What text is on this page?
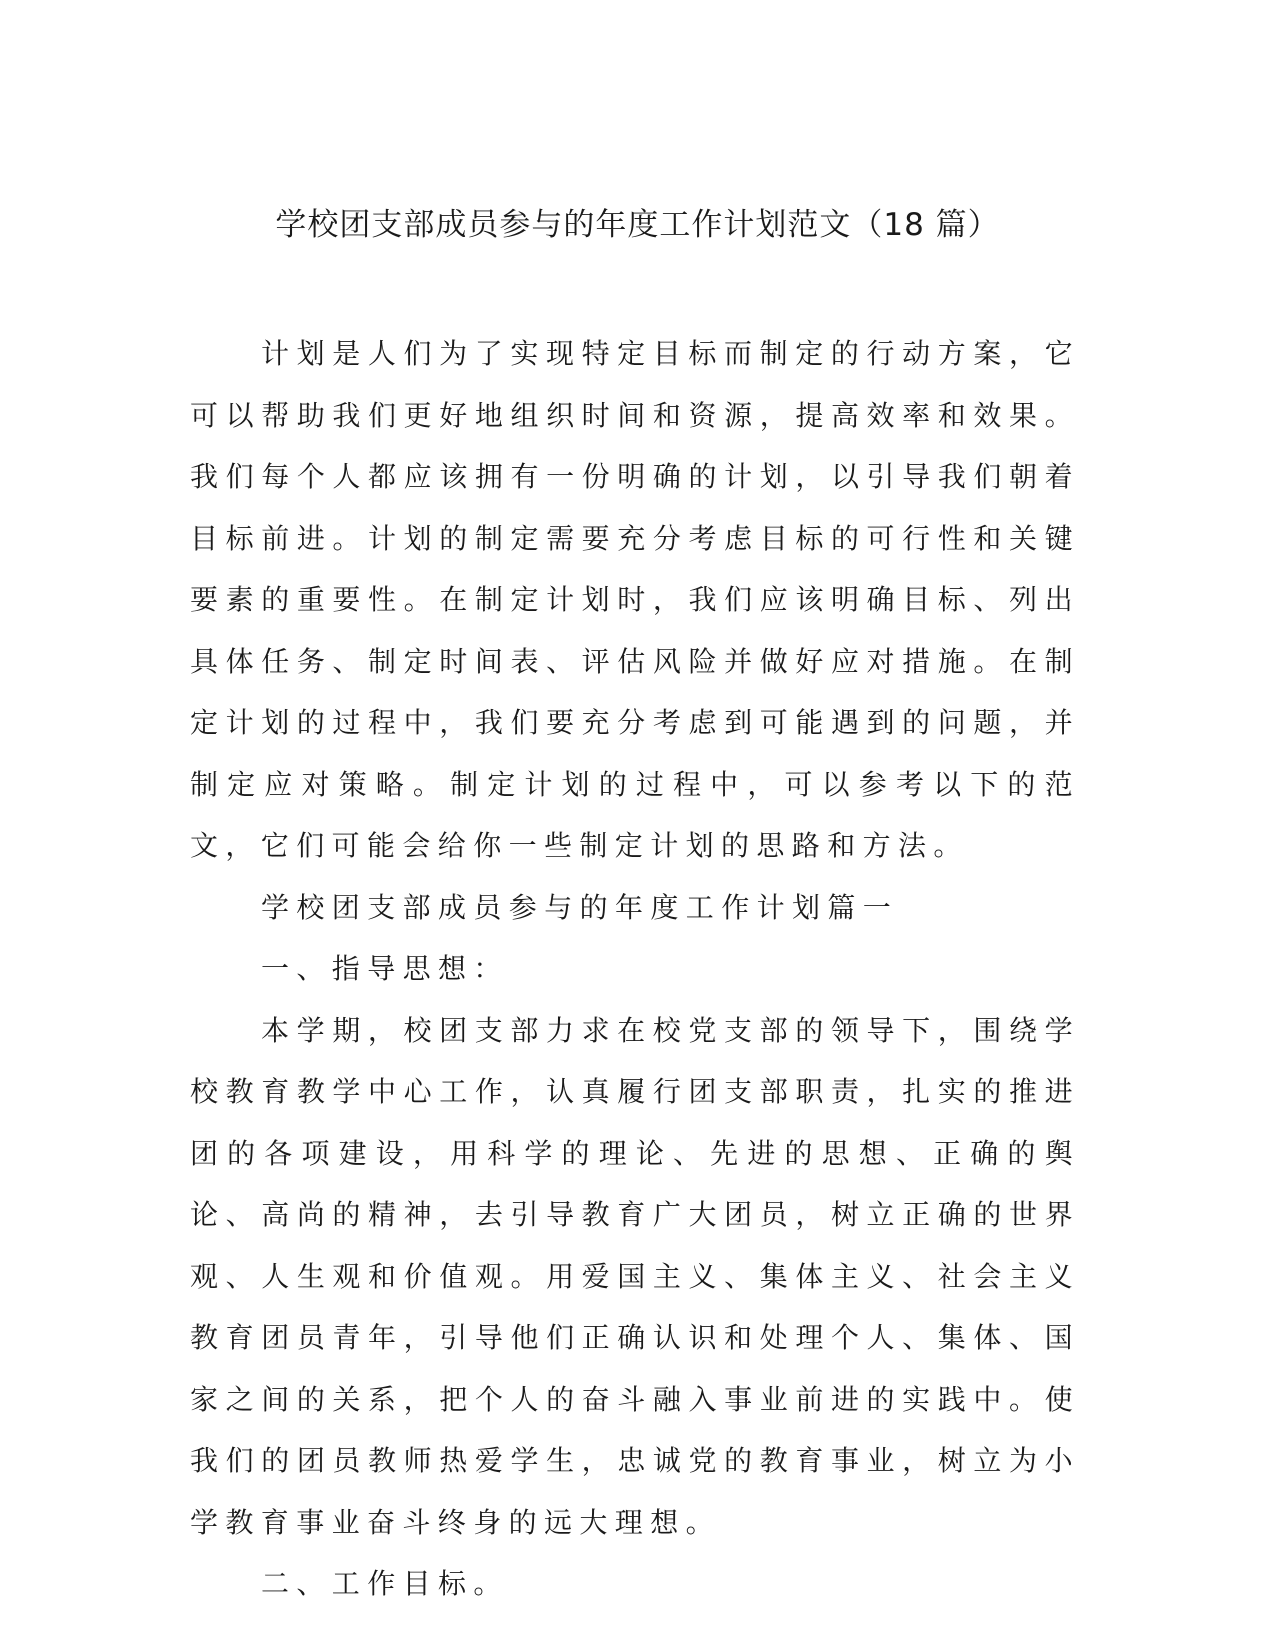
学校团支部成员参与的年度工作计划范文（18 篇）

计划是人们为了实现特定目标而制定的行动方案，它可以帮助我们更好地组织时间和资源，提高效率和效果。我们每个人都应该拥有一份明确的计划，以引导我们朝着目标前进。计划的制定需要充分考虑目标的可行性和关键要素的重要性。在制定计划时，我们应该明确目标、列出具体任务、制定时间表、评估风险并做好应对措施。在制定计划的过程中，我们要充分考虑到可能遇到的问题，并制定应对策略。制定计划的过程中，可以参考以下的范文，它们可能会给你一些制定计划的思路和方法。

学校团支部成员参与的年度工作计划篇一

一、指导思想：

本学期，校团支部力求在校党支部的领导下，围绕学校教育教学中心工作，认真履行团支部职责，扎实的推进团的各项建设，用科学的理论、先进的思想、正确的舆论、高尚的精神，去引导教育广大团员，树立正确的世界观、人生观和价值观。用爱国主义、集体主义、社会主义教育团员青年，引导他们正确认识和处理个人、集体、国家之间的关系，把个人的奋斗融入事业前进的实践中。使我们的团员教师热爱学生，忠诚党的教育事业，树立为小学教育事业奋斗终身的远大理想。

二、工作目标。
